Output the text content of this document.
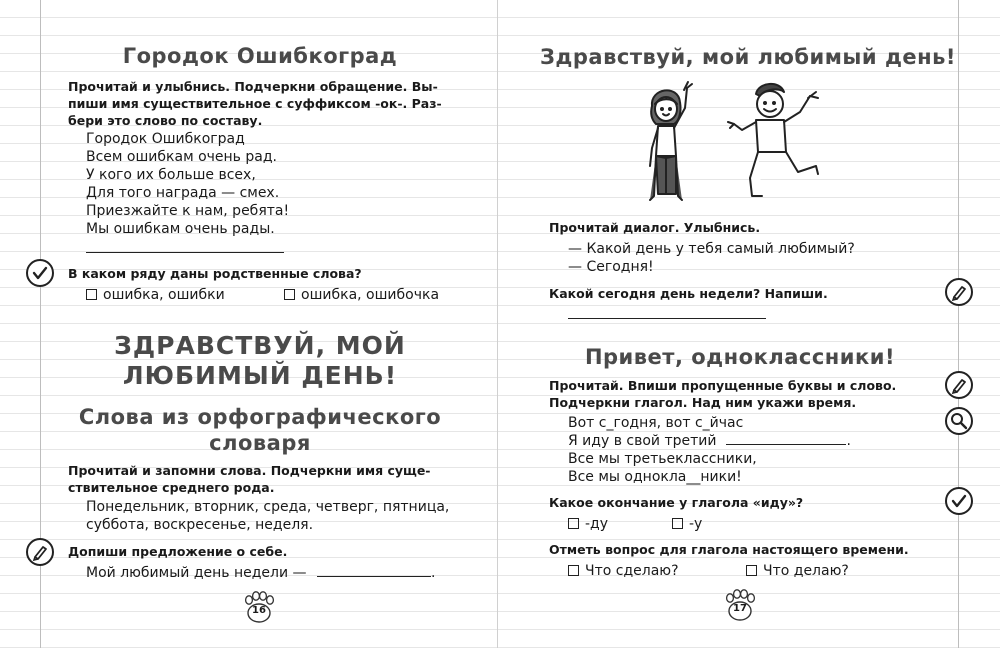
Городок Ошибкоград
Прочитай и улыбнись. Подчеркни обращение. Вы-
пиши имя существительное с суффиксом -ок-. Раз-
бери это слово по составу.
Городок Ошибкоград
Всем ошибкам очень рад.
У кого их больше всех,
Для того награда — смех.
Приезжайте к нам, ребята!
Мы ошибкам очень рады.
В каком ряду даны родственные слова?
ошибка, ошибки	ошибка, ошибочка
ЗДРАВСТВУЙ, МОЙ
ЛЮБИМЫЙ ДЕНЬ!
Слова из орфографического
словаря
Прочитай и запомни слова. Подчеркни имя суще-
ствительное среднего рода.
Понедельник, вторник, среда, четверг, пятница,
суббота, воскресенье, неделя.
Допиши предложение о себе.
Мой любимый день недели —	.
16
Здравствуй, мой любимый день!
Прочитай диалог. Улыбнись.
— Какой день у тебя самый любимый?
— Сегодня!
Какой сегодня день недели? Напиши.
Привет, одноклассники!
Прочитай. Впиши пропущенные буквы и слово.
Подчеркни глагол. Над ним укажи время.
Вот с_годня, вот с_йчас
Я иду в свой третий	.
Все мы третьеклассники,
Все мы однокла__ники!
Какое окончание у глагола «иду»?
-ду	-у
Отметь вопрос для глагола настоящего времени.
Что сделаю?	Что делаю?
17
